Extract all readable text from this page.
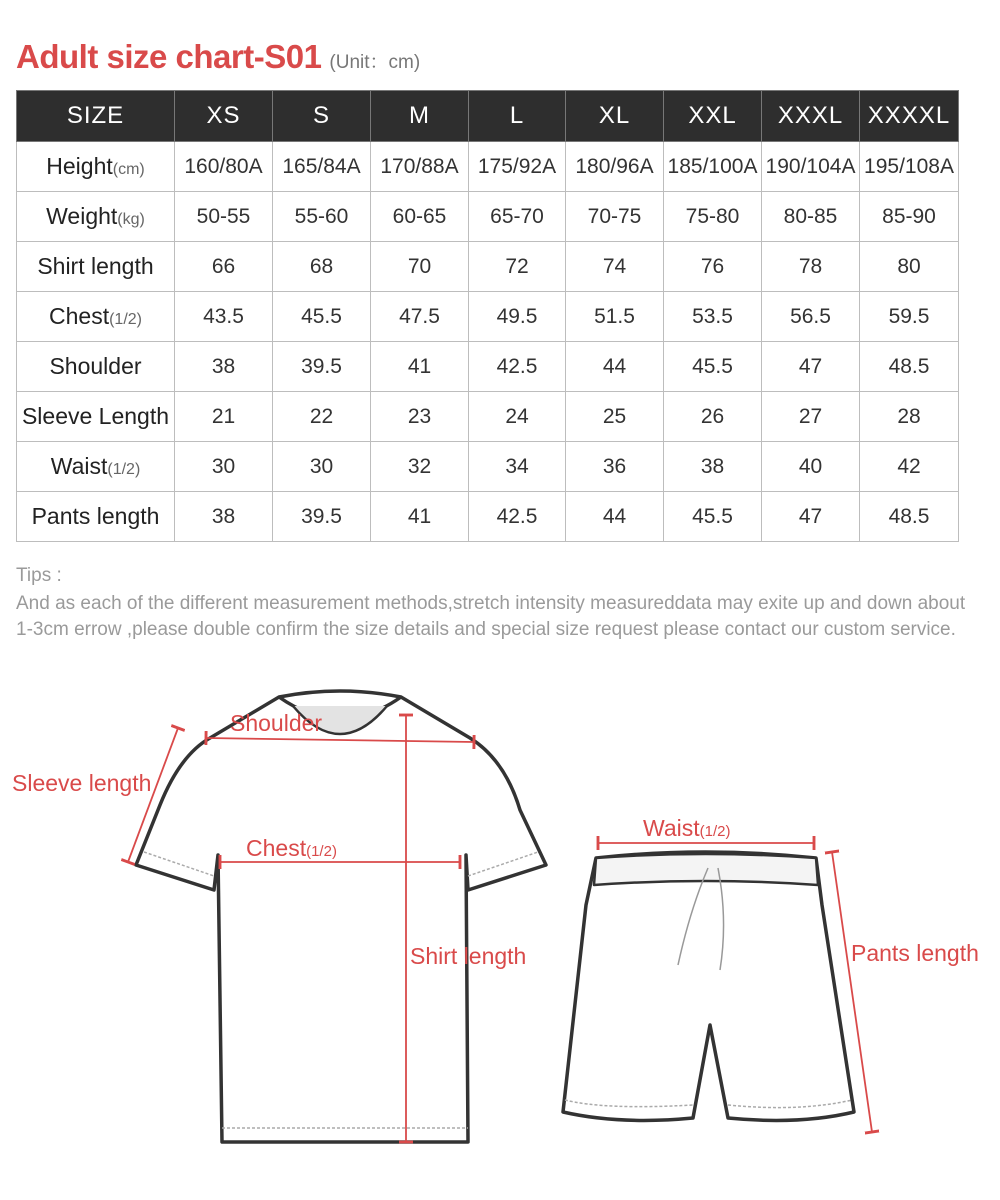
Adult size chart-S01 (Unit：cm)
SIZE	XS	S	M	L	XL	XXL	XXXL	XXXXL
Height(cm)	160/80A	165/84A	170/88A	175/92A	180/96A	185/100A	190/104A	195/108A
Weight(kg)	50-55	55-60	60-65	65-70	70-75	75-80	80-85	85-90
Shirt length	66	68	70	72	74	76	78	80
Chest(1/2)	43.5	45.5	47.5	49.5	51.5	53.5	56.5	59.5
Shoulder	38	39.5	41	42.5	44	45.5	47	48.5
Sleeve Length	21	22	23	24	25	26	27	28
Waist(1/2)	30	30	32	34	36	38	40	42
Pants length	38	39.5	41	42.5	44	45.5	47	48.5
Tips :
And as each of the different measurement methods,stretch intensity measureddata may exite up and down about 1-3cm errow ,please double confirm the size details and special size request please contact our custom service.
Shoulder
Sleeve length
Chest(1/2)
Shirt length
Waist(1/2)
Pants length
